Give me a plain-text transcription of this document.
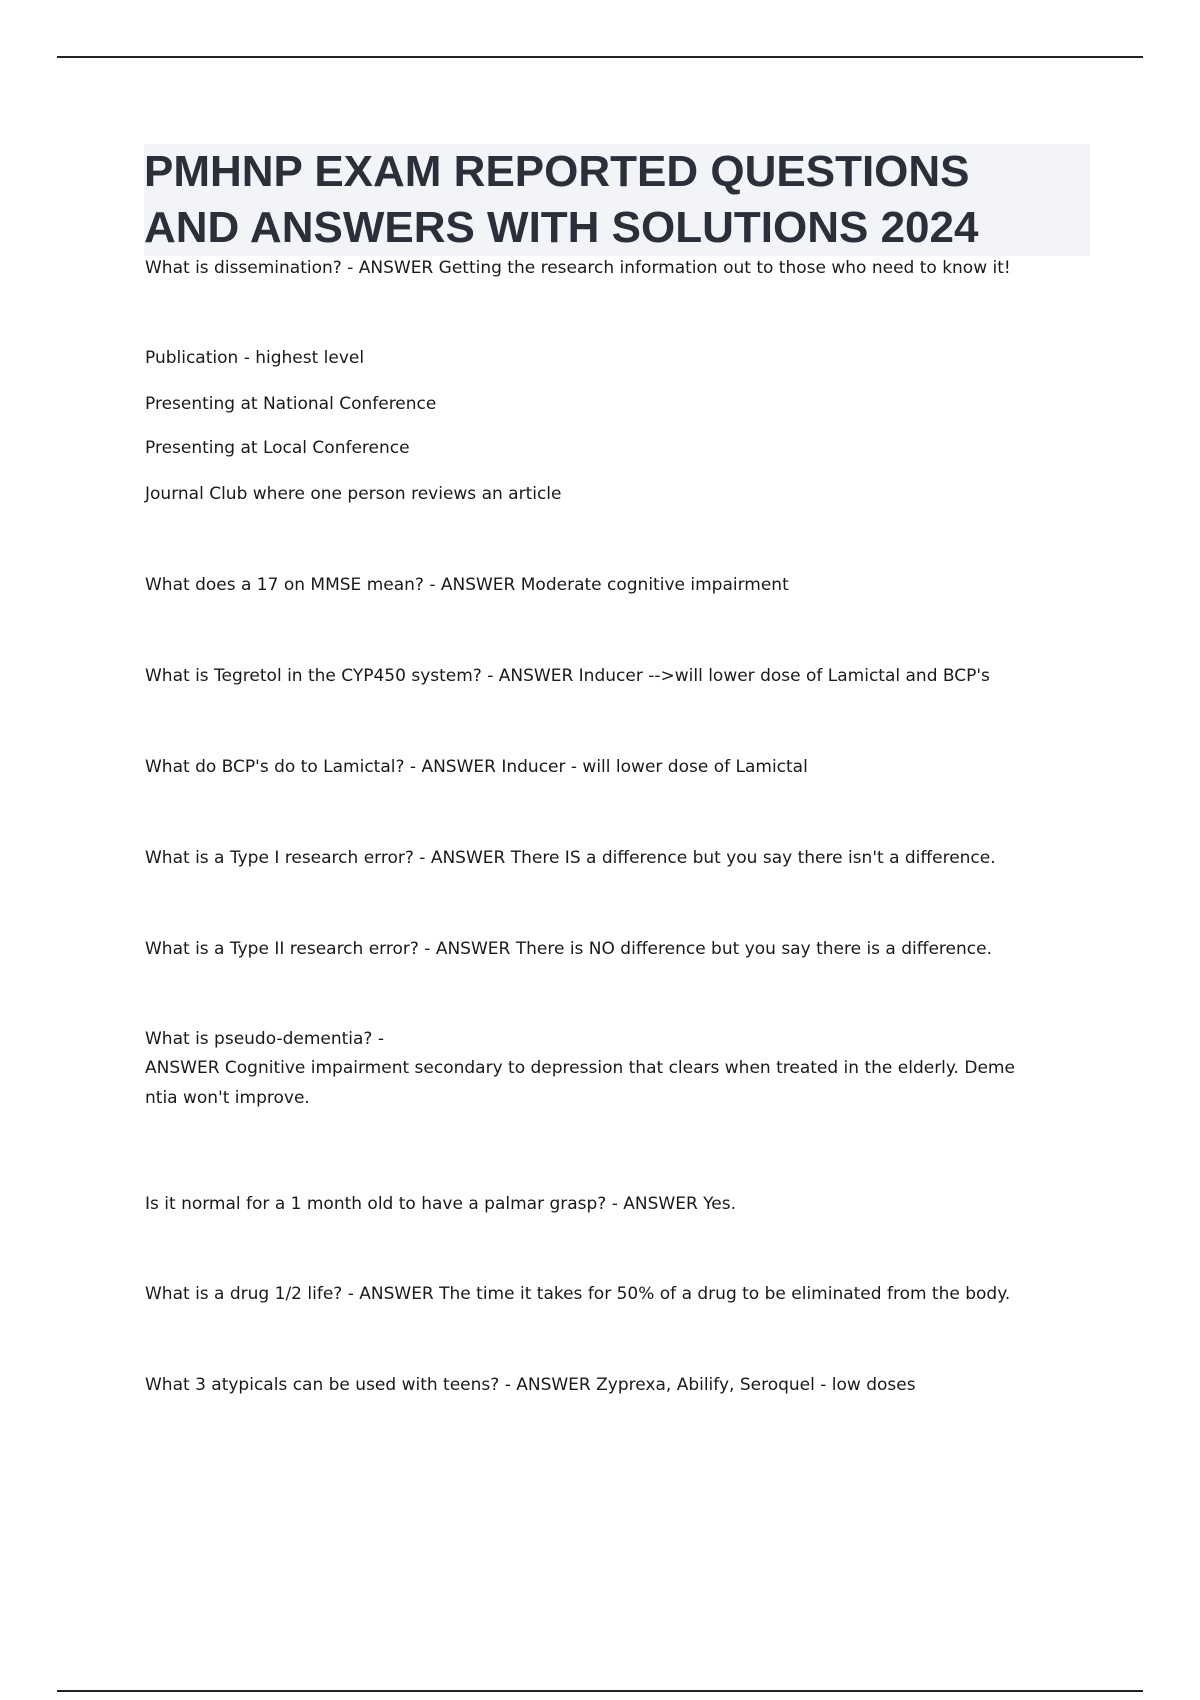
PMHNP EXAM REPORTED QUESTIONS
AND ANSWERS WITH SOLUTIONS 2024
What is dissemination? - ANSWER Getting the research information out to those who need to know it!
Publication - highest level
Presenting at National Conference
Presenting at Local Conference
Journal Club where one person reviews an article
What does a 17 on MMSE mean? - ANSWER Moderate cognitive impairment
What is Tegretol in the CYP450 system? - ANSWER Inducer -->will lower dose of Lamictal and BCP's
What do BCP's do to Lamictal? - ANSWER Inducer - will lower dose of Lamictal
What is a Type I research error? - ANSWER There IS a difference but you say there isn't a difference.
What is a Type II research error? - ANSWER There is NO difference but you say there is a difference.
What is pseudo-dementia? -
ANSWER Cognitive impairment secondary to depression that clears when treated in the elderly. Deme
ntia won't improve.
Is it normal for a 1 month old to have a palmar grasp? - ANSWER Yes.
What is a drug 1/2 life? - ANSWER The time it takes for 50% of a drug to be eliminated from the body.
What 3 atypicals can be used with teens? - ANSWER Zyprexa, Abilify, Seroquel - low doses
